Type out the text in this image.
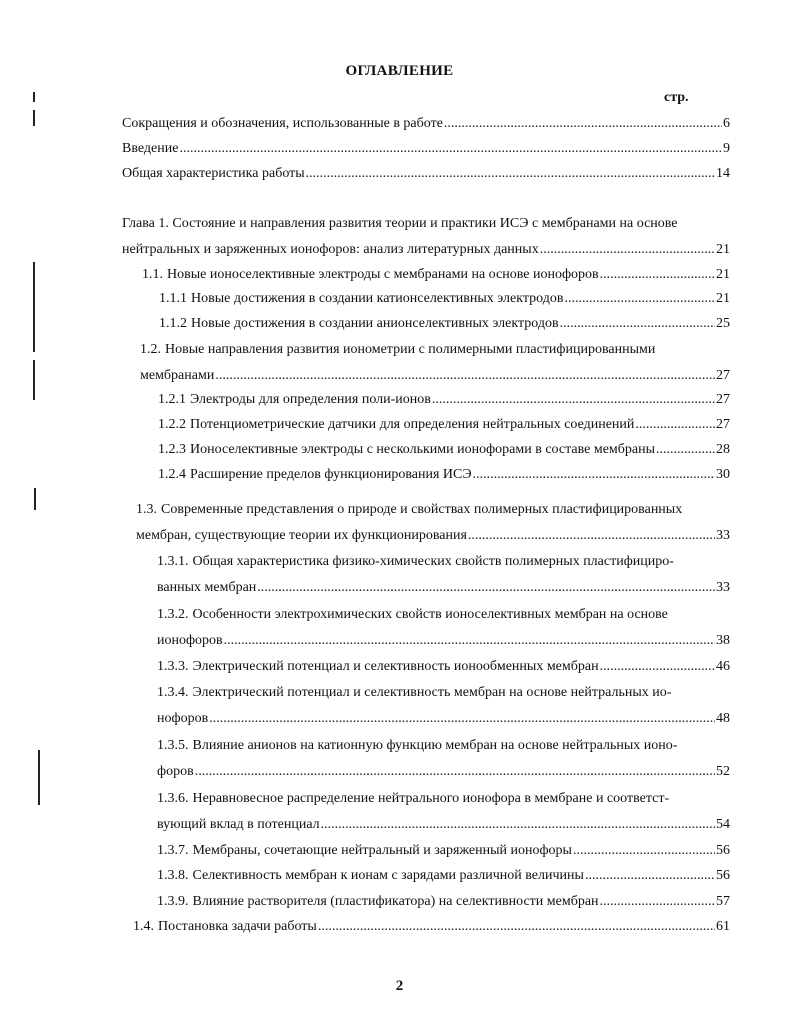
ОГЛАВЛЕНИЕ
стр.
Сокращения и обозначения, использованные в работе .....	6
Введение .....	9
Общая характеристика работы .....	14
Глава 1. Состояние и направления развития теории и практики ИСЭ с мембранами на основе
нейтральных и заряженных ионофоров: анализ литературных данных .....	21
1.1. Новые ионоселективные электроды с мембранами на основе ионофоров .....	21
1.1.1 Новые достижения в создании катионселективных электродов .....	21
1.1.2 Новые достижения в создании анионселективных электродов .....	25
1.2. Новые направления развития ионометрии с полимерными пластифицированными
мембранами .....	27
1.2.1 Электроды для определения поли-ионов .....	27
1.2.2 Потенциометрические датчики для определения нейтральных соединений .....	27
1.2.3 Ионоселективные электроды с несколькими ионофорами в составе мембраны .....	28
1.2.4 Расширение пределов функционирования ИСЭ .....	30
1.3. Современные представления о природе и свойствах полимерных пластифицированных
мембран, существующие теории их функционирования .....	33
1.3.1. Общая характеристика физико-химических свойств полимерных пластифициро-
ванных мембран .....	33
1.3.2. Особенности электрохимических свойств ионоселективных мембран на основе
ионофоров .....	38
1.3.3. Электрический потенциал и селективность ионообменных мембран .....	46
1.3.4. Электрический потенциал и селективность мембран на основе нейтральных ио-
нофоров .....	48
1.3.5. Влияние анионов на катионную функцию мембран на основе нейтральных ионо-
форов .....	52
1.3.6. Неравновесное распределение нейтрального ионофора в мембране и соответст-
вующий вклад в потенциал .....	54
1.3.7. Мембраны, сочетающие нейтральный и заряженный ионофоры .....	56
1.3.8. Селективность мембран к ионам с зарядами различной величины .....	56
1.3.9. Влияние растворителя (пластификатора) на селективности мембран .....	57
1.4. Постановка задачи работы .....	61
2
